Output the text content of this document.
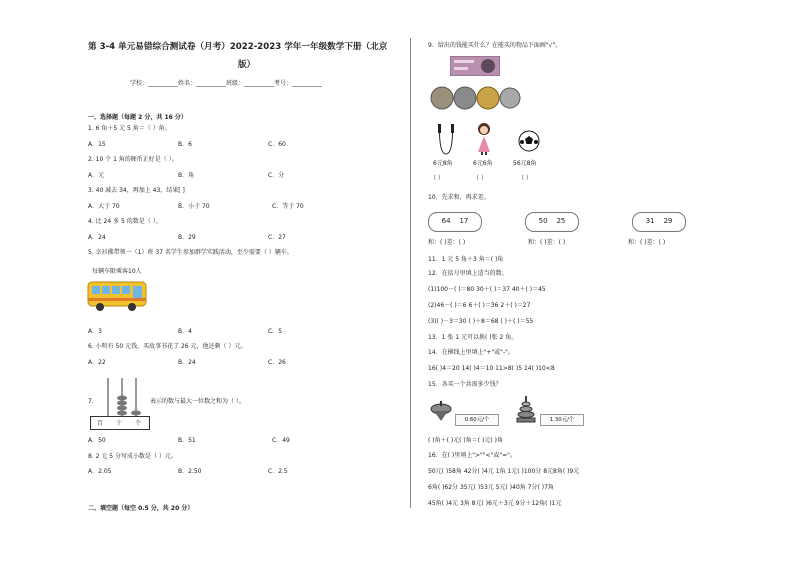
第 3-4 单元易错综合测试卷（月考）2022-2023 学年一年级数学下册（北京
版）
学校：__________姓名：__________班级：__________考号：__________
一、选择题（每题 2 分，共 16 分）
1. 6 角＋5 元 5 角＝（ ）角。
A．15	B．6	C．60
2. 10 个 1 角的硬币正好是（ ）。
A．元	B．角	C．分
3. 40 减去 34，再加上 43，结果[ ]
A．大于 70	B．小于 70	C．等于 70
4. 比 24 多 5 的数是（ ）。
A．24	B．29	C．27
5. 幸衫佛带领一（1）班 37 名学生参加群学实践活动，至少需要（ ）辆车。
每辆车限乘客10人
A．3	B．4	C．5
6. 小明有 50 元钱，买故事书花了 26 元，他还剩（ ）元。
A．22	B．24	C．26
7.
百 十 个
表示的数与最大一位数之和为（ ）。
A．50	B．51	C．49
8. 2 元 5 分写成小数是（ ）元。
A．2.05	B．2.50	C．2.5
二、填空题（每空 0.5 分，共 20 分）
9．给出的钱能买什么？在能买的物品下面画"√"。
6元8角	6元6角	56元8角
（ ）	（ ）	（ ）
10．先求和，再求差。
64 17	50 25	31 29
和：( )差：( )	和：( )差：( )	和：( )差：( )
11．1 元 5 角＋3 角＝( )角
12．在括号里填上适当的数。
(1)100－( )＝80 30＋( )＝37 40＋( )＝45
(2)46－( )＝6 6＋( )＝36 2＋( )＝27
(3)( )－3＝30 ( )＋8＝68 ( )＋( )＝55
13．1 张 1 元可以换( )张 2 角。
14．在横线上里填上"+"或"-"。
16( )4＝20 14( )4＝10 11>8( )5 14( )10<8
15．各买一个共需多少钱？
0.60元/个	1.30元/个
( )角＋( )元( )角＝( )元( )角
16．在( )里填上">""<"或"="。
50元( )58角 42分( )4元 1角 1元( )100分 8元8角( )9元
6角( )62分 35元( )53元 5元( )40角 7分( )7角
45角( )4元 3角 8元( )6元＋3元 9分＋12角( )1元
